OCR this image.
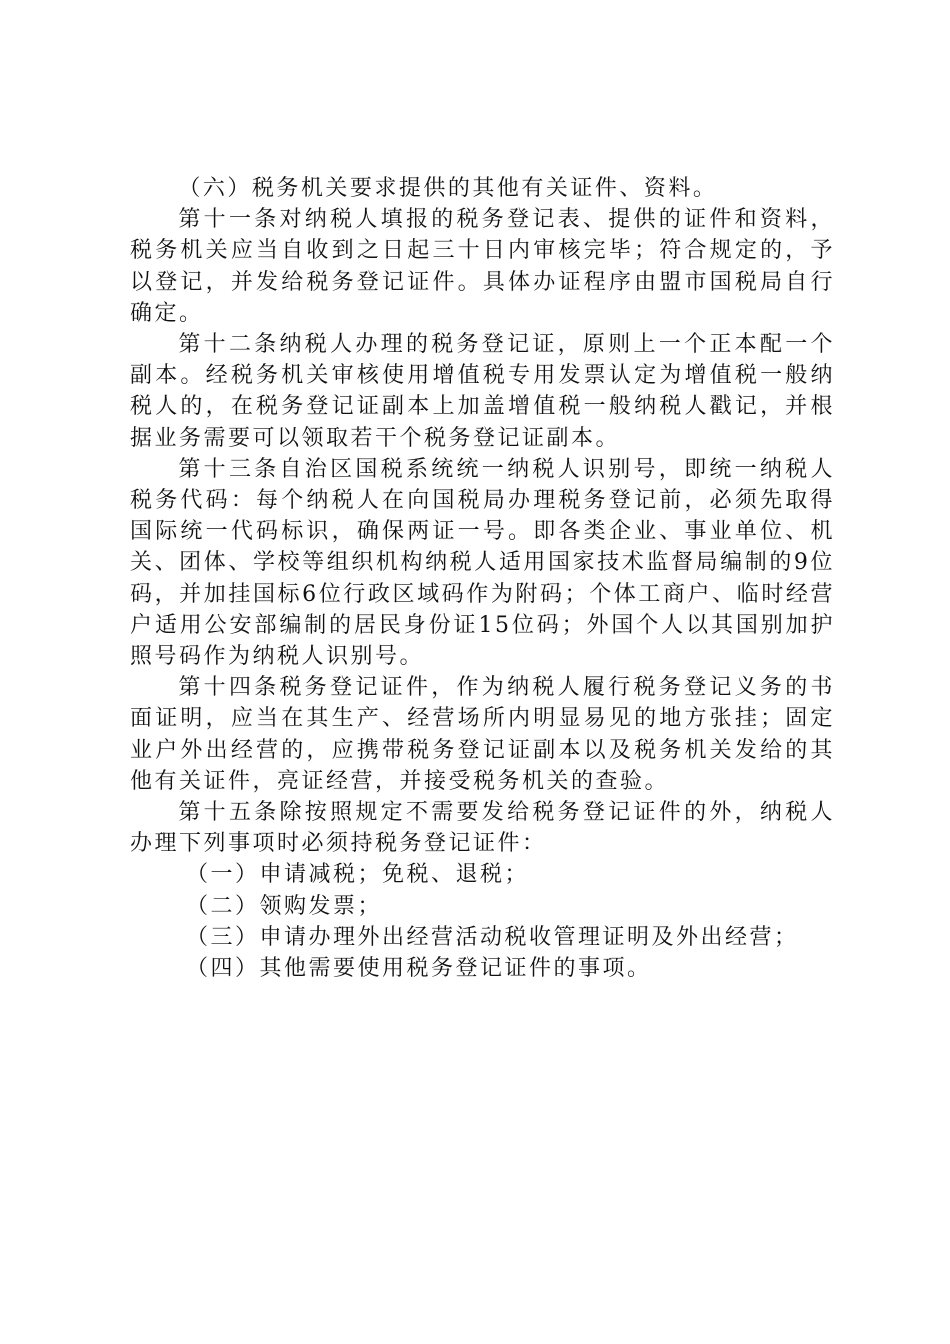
（六）税务机关要求提供的其他有关证件、资料。

第十一条对纳税人填报的税务登记表、提供的证件和资料，税务机关应当自收到之日起三十日内审核完毕；符合规定的，予以登记，并发给税务登记证件。具体办证程序由盟市国税局自行确定。

第十二条纳税人办理的税务登记证，原则上一个正本配一个副本。经税务机关审核使用增值税专用发票认定为增值税一般纳税人的，在税务登记证副本上加盖增值税一般纳税人戳记，并根据业务需要可以领取若干个税务登记证副本。

第十三条自治区国税系统统一纳税人识别号，即统一纳税人税务代码：每个纳税人在向国税局办理税务登记前，必须先取得国际统一代码标识，确保两证一号。即各类企业、事业单位、机关、团体、学校等组织机构纳税人适用国家技术监督局编制的9位码，并加挂国标6位行政区域码作为附码；个体工商户、临时经营户适用公安部编制的居民身份证15位码；外国个人以其国别加护照号码作为纳税人识别号。

第十四条税务登记证件，作为纳税人履行税务登记义务的书面证明，应当在其生产、经营场所内明显易见的地方张挂；固定业户外出经营的，应携带税务登记证副本以及税务机关发给的其他有关证件，亮证经营，并接受税务机关的查验。

第十五条除按照规定不需要发给税务登记证件的外，纳税人办理下列事项时必须持税务登记证件：

（一）申请减税；免税、退税；

（二）领购发票；

（三）申请办理外出经营活动税收管理证明及外出经营；

（四）其他需要使用税务登记证件的事项。
